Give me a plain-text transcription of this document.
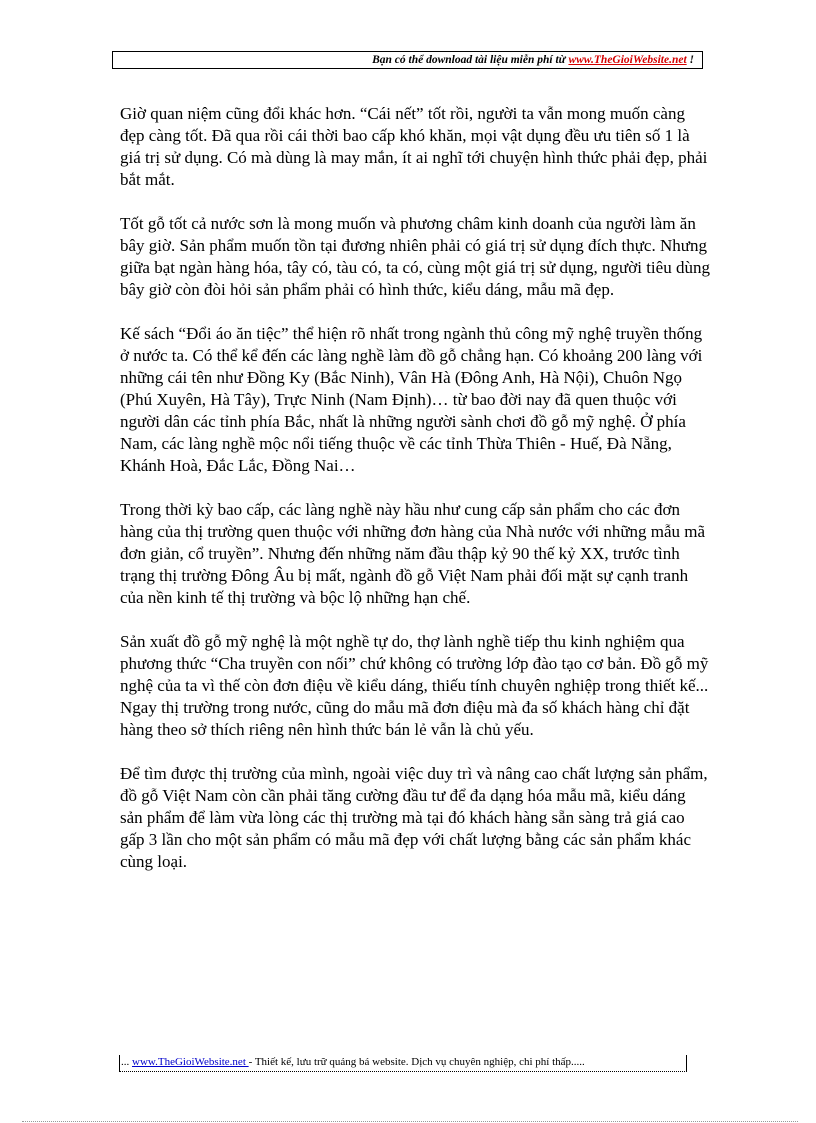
Bạn có thể download tài liệu miễn phí từ www.TheGioiWebsite.net !

Giờ quan niệm cũng đổi khác hơn. “Cái nết” tốt rồi, người ta vẫn mong muốn càng đẹp càng tốt. Đã qua rồi cái thời bao cấp khó khăn, mọi vật dụng đều ưu tiên số 1 là giá trị sử dụng. Có mà dùng là may mắn, ít ai nghĩ tới chuyện hình thức phải đẹp, phải bắt mắt.

Tốt gỗ tốt cả nước sơn là mong muốn và phương châm kinh doanh của người làm ăn bây giờ. Sản phẩm muốn tồn tại đương nhiên phải có giá trị sử dụng đích thực. Nhưng giữa bạt ngàn hàng hóa, tây có, tàu có, ta có, cùng một giá trị sử dụng, người tiêu dùng bây giờ còn đòi hỏi sản phẩm phải có hình thức, kiểu dáng, mẫu mã đẹp.

Kế sách “Đổi áo ăn tiệc” thể hiện rõ nhất trong ngành thủ công mỹ nghệ truyền thống ở nước ta. Có thể kể đến các làng nghề làm đồ gỗ chẳng hạn. Có khoảng 200 làng với những cái tên như Đồng Ky (Bắc Ninh), Vân Hà (Đông Anh, Hà Nội), Chuôn Ngọ (Phú Xuyên, Hà Tây), Trực Ninh (Nam Định)… từ bao đời nay đã quen thuộc với người dân các tỉnh phía Bắc, nhất là những người sành chơi đồ gỗ mỹ nghệ. Ở phía Nam, các làng nghề mộc nổi tiếng thuộc về các tỉnh Thừa Thiên - Huế, Đà Nẵng, Khánh Hoà, Đắc Lắc, Đồng Nai…

Trong thời kỳ bao cấp, các làng nghề này hầu như cung cấp sản phẩm cho các đơn hàng của thị trường quen thuộc với những đơn hàng của Nhà nước với những mẫu mã đơn giản, cổ truyền”. Nhưng đến những năm đầu thập kỷ 90 thế kỷ XX, trước tình trạng thị trường Đông Âu bị mất, ngành đồ gỗ Việt Nam phải đối mặt sự cạnh tranh của nền kinh tế thị trường và bộc lộ những hạn chế.

Sản xuất đồ gỗ mỹ nghệ là một nghề tự do, thợ lành nghề tiếp thu kinh nghiệm qua phương thức “Cha truyền con nối” chứ không có trường lớp đào tạo cơ bản. Đồ gỗ mỹ nghệ của ta vì thế còn đơn điệu về kiểu dáng, thiếu tính chuyên nghiệp trong thiết kế... Ngay thị trường trong nước, cũng do mẫu mã đơn điệu mà đa số khách hàng chỉ đặt hàng theo sở thích riêng nên hình thức bán lẻ vẫn là chủ yếu.

Để tìm được thị trường của mình, ngoài việc duy trì và nâng cao chất lượng sản phẩm, đồ gỗ Việt Nam còn cần phải tăng cường đầu tư để đa dạng hóa mẫu mã, kiểu dáng sản phẩm để làm vừa lòng các thị trường mà tại đó khách hàng sẵn sàng trả giá cao gấp 3 lần cho một sản phẩm có mẫu mã đẹp với chất lượng bằng các sản phẩm khác cùng loại.

... www.TheGioiWebsite.net - Thiết kế, lưu trữ quảng bá website. Dịch vụ chuyên nghiệp, chi phí thấp.....
